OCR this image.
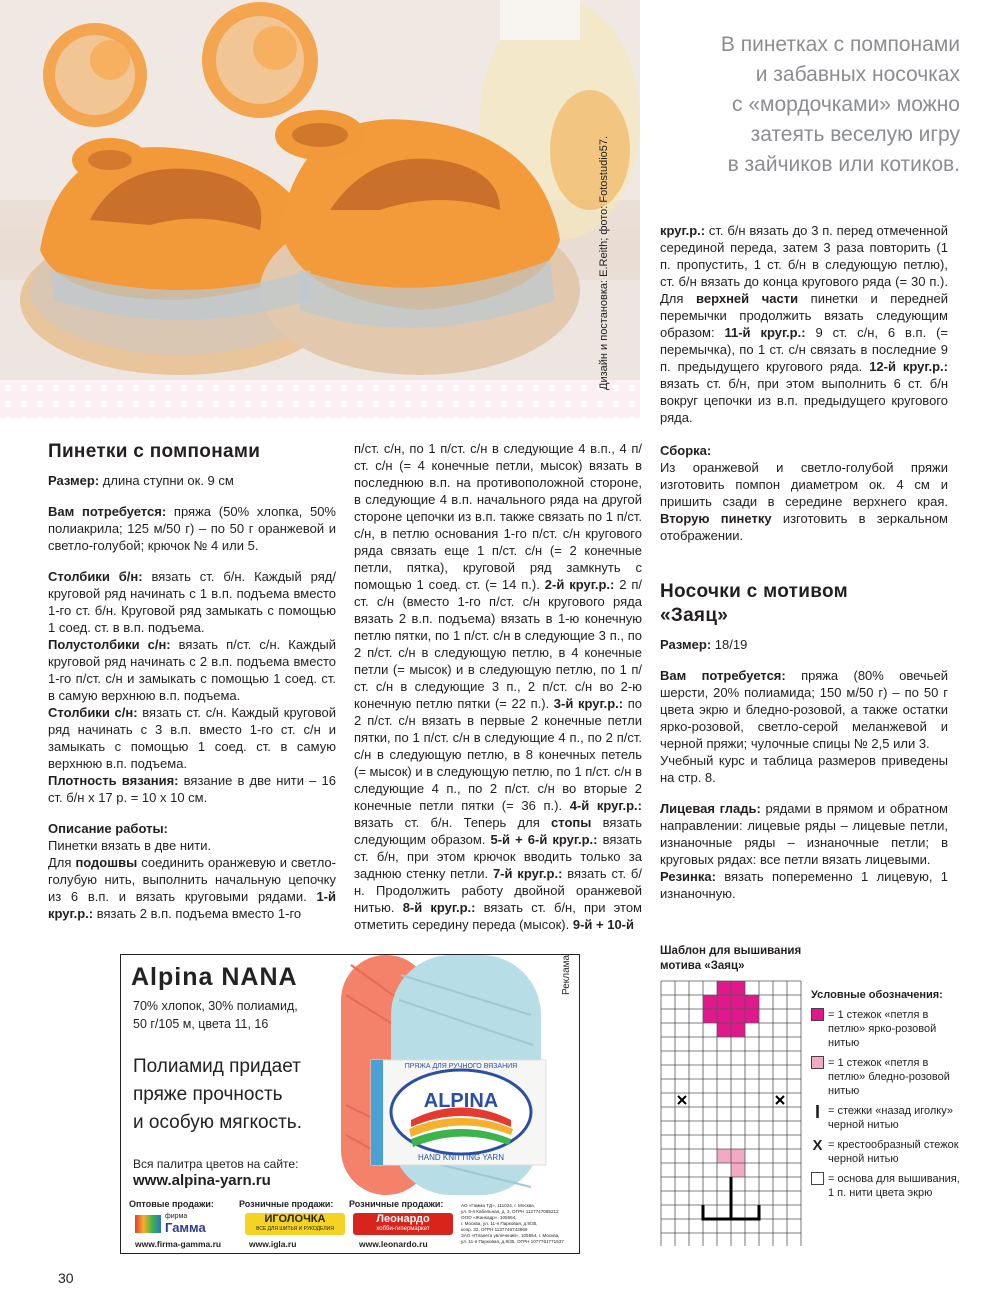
Дизайн и постановка: E.Reith; фото: Fotostudio57.
В пинетках с помпонами
и забавных носочках
с «мордочками» можно
затеять веселую игру
в зайчиков или котиков.
Пинетки с помпонами

Размер: длина ступни ок. 9 см

Вам потребуется: пряжа (50% хлопка, 50% полиакрила; 125 м/50 г) – по 50 г оранжевой и светло-голубой; крючок № 4 или 5.

Столбики б/н: вязать ст. б/н. Каждый ряд/круговой ряд начинать с 1 в.п. подъема вместо 1-го ст. б/н. Круговой ряд замыкать с помощью 1 соед. ст. в в.п. подъема.

Полустолбики с/н: вязать п/ст. с/н. Каждый круговой ряд начинать с 2 в.п. подъема вместо 1-го п/ст. с/н и замыкать с помощью 1 соед. ст. в самую верхнюю в.п. подъема.

Столбики с/н: вязать ст. с/н. Каждый круговой ряд начинать с 3 в.п. вместо 1-го ст. с/н и замыкать с помощью 1 соед. ст. в самую верхнюю в.п. подъема.

Плотность вязания: вязание в две нити – 16 ст. б/н x 17 р. = 10 x 10 см.

Описание работы:

Пинетки вязать в две нити.

Для подошвы соединить оранжевую и светло-голубую нить, выполнить начальную цепочку из 6 в.п. и вязать круговыми рядами. 1-й круг.р.: вязать 2 в.п. подъема вместо 1-го

п/ст. с/н, по 1 п/ст. с/н в следующие 4 в.п., 4 п/ст. с/н (= 4 конечные петли, мысок) вязать в последнюю в.п. на противоположной стороне, в следующие 4 в.п. начального ряда на другой стороне цепочки из в.п. также связать по 1 п/ст. с/н, в петлю основания 1-го п/ст. с/н кругового ряда связать еще 1 п/ст. с/н (= 2 конечные петли, пятка), круговой ряд замкнуть с помощью 1 соед. ст. (= 14 п.). 2-й круг.р.: 2 п/ст. с/н (вместо 1-го п/ст. с/н кругового ряда вязать 2 в.п. подъема) вязать в 1-ю конечную петлю пятки, по 1 п/ст. с/н в следующие 3 п., по 2 п/ст. с/н в следующую петлю, в 4 конечные петли (= мысок) и в следующую петлю, по 1 п/ст. с/н в следующие 3 п., 2 п/ст. с/н во 2-ю конечную петлю пятки (= 22 п.). 3-й круг.р.: по 2 п/ст. с/н вязать в первые 2 конечные петли пятки, по 1 п/ст. с/н в следующие 4 п., по 2 п/ст. с/н в следующую петлю, в 8 конечных петель (= мысок) и в следующую петлю, по 1 п/ст. с/н в следующие 4 п., по 2 п/ст. с/н во вторые 2 конечные петли пятки (= 36 п.). 4-й круг.р.: вязать ст. б/н. Теперь для стопы вязать следующим образом. 5-й + 6-й круг.р.: вязать ст. б/н, при этом крючок вводить только за заднюю стенку петли. 7-й круг.р.: вязать ст. б/н. Продолжить работу двойной оранжевой нитью. 8-й круг.р.: вязать ст. б/н, при этом отметить середину переда (мысок). 9-й + 10-й

круг.р.: ст. б/н вязать до 3 п. перед отмеченной серединой переда, затем 3 раза повторить (1 п. пропустить, 1 ст. б/н в следующую петлю), ст. б/н вязать до конца кругового ряда (= 30 п.). Для верхней части пинетки и передней перемычки продолжить вязать следующим образом: 11-й круг.р.: 9 ст. с/н, 6 в.п. (= перемычка), по 1 ст. с/н связать в последние 9 п. предыдущего кругового ряда. 12-й круг.р.: вязать ст. б/н, при этом выполнить 6 ст. б/н вокруг цепочки из в.п. предыдущего кругового ряда.

Сборка:

Из оранжевой и светло-голубой пряжи изготовить помпон диаметром ок. 4 см и пришить сзади в середине верхнего края. Вторую пинетку изготовить в зеркальном отображении.

Носочки с мотивом
«Заяц»

Размер: 18/19

Вам потребуется: пряжа (80% овечьей шерсти, 20% полиамида; 150 м/50 г) – по 50 г цвета экрю и бледно-розовой, а также остатки ярко-розовой, светло-серой меланжевой и черной пряжи; чулочные спицы № 2,5 или 3.

Учебный курс и таблица размеров приведены на стр. 8.

Лицевая гладь: рядами в прямом и обратном направлении: лицевые ряды – лицевые петли, изнаночные ряды – изнаночные петли; в круговых рядах: все петли вязать лицевыми.

Резинка: вязать попеременно 1 лицевую, 1 изнаночную.

Шаблон для вышивания
мотива «Заяц»
Условные обозначения:
= 1 стежок «петля в петлю» ярко-розовой нитью
= 1 стежок «петля в петлю» бледно-розовой нитью
I = стежки «назад иголку» черной нитью
X = крестообразный стежок черной нитью
= основа для вышивания, 1 п. нити цвета экрю
Alpina NANA
70% хлопок, 30% полиамид,
50 г/105 м, цвета 11, 16
Полиамид придает
пряже прочность
и особую мягкость.
Вся палитра цветов на сайте:
www.alpina-yarn.ru
Реклама
ПРЯЖА ДЛЯ РУЧНОГО ВЯЗАНИЯ
ALPINA
HAND KNITTING YARN
Оптовые продажи:	Розничные продажи:	Розничные продажи:
фирма
Гамма
ИГОЛОЧКА
ВСЕ ДЛЯ ШИТЬЯ И РУКОДЕЛИЯ
Леонардо
хобби-гипермаркет
www.firma-gamma.ru	www.igla.ru	www.leonardo.ru
АО «Гамма ТД», 111024, г. Москва,
ул. 5-я Кабельная, д. 3, ОГРН 1127747085212
ООО «Жанкадр», 105554,
г. Москва, ул. 11-я Парковая, д.9/35,
копр. 32, ОГРН 1137746742869
ЗАО «Планета увлечений», 105554, г. Москва,
ул. 11-я Парковая, д.9/35, ОГРН 1077761771537
30
